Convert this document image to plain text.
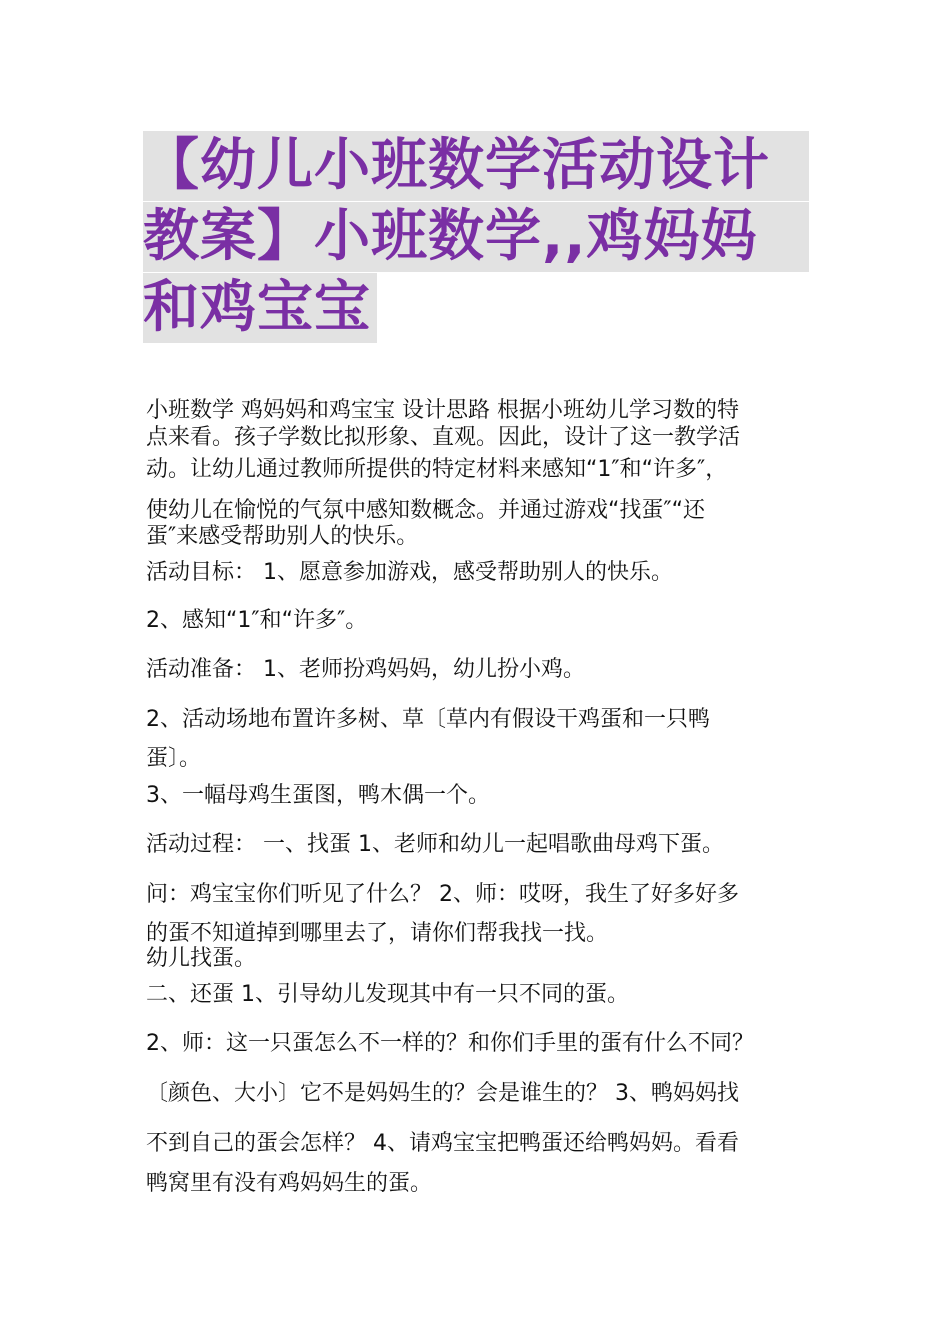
【幼儿小班数学活动设计
教案】小班数学,,鸡妈妈
和鸡宝宝
小班数学 鸡妈妈和鸡宝宝 设计思路 根据小班幼儿学习数的特
点来看。孩子学数比拟形象、直观。因此，设计了这一教学活
动。让幼儿通过教师所提供的特定材料来感知“1″和“许多″，
使幼儿在愉悦的气氛中感知数概念。并通过游戏“找蛋″“还
蛋″来感受帮助别人的快乐。
活动目标： 1、愿意参加游戏，感受帮助别人的快乐。
2、感知“1″和“许多″。
活动准备： 1、老师扮鸡妈妈，幼儿扮小鸡。
2、活动场地布置许多树、草〔草内有假设干鸡蛋和一只鸭
蛋〕。
3、一幅母鸡生蛋图，鸭木偶一个。
活动过程： 一、找蛋 1、老师和幼儿一起唱歌曲母鸡下蛋。
问：鸡宝宝你们听见了什么？ 2、师：哎呀，我生了好多好多
的蛋不知道掉到哪里去了，请你们帮我找一找。
幼儿找蛋。
二、还蛋 1、引导幼儿发现其中有一只不同的蛋。
2、师：这一只蛋怎么不一样的？和你们手里的蛋有什么不同？
〔颜色、大小〕它不是妈妈生的？会是谁生的？ 3、鸭妈妈找
不到自己的蛋会怎样？ 4、请鸡宝宝把鸭蛋还给鸭妈妈。看看
鸭窝里有没有鸡妈妈生的蛋。
